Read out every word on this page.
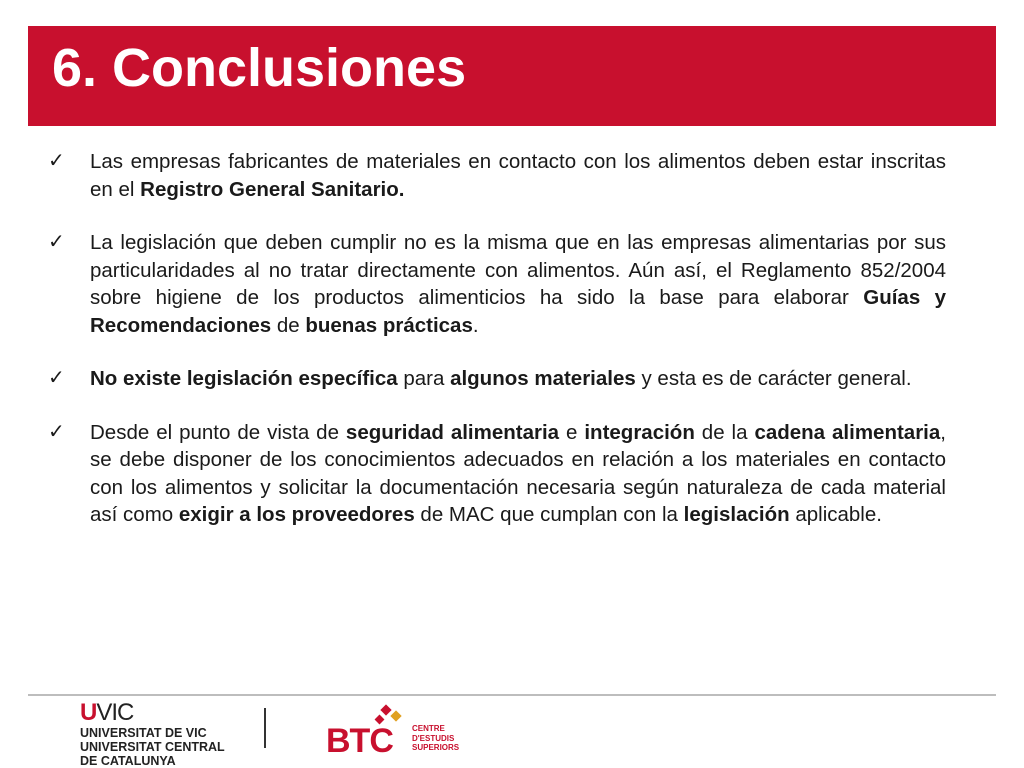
6. Conclusiones
✓ Las empresas fabricantes de materiales en contacto con los alimentos deben estar inscritas en el Registro General Sanitario.
✓ La legislación que deben cumplir no es la misma que en las empresas alimentarias por sus particularidades al no tratar directamente con alimentos. Aún así, el Reglamento 852/2004 sobre higiene de los productos alimenticios ha sido la base para elaborar Guías y Recomendaciones de buenas prácticas.
✓ No existe legislación específica para algunos materiales y esta es de carácter general.
✓ Desde el punto de vista de seguridad alimentaria e integración de la cadena alimentaria, se debe disponer de los conocimientos adecuados en relación a los materiales en contacto con los alimentos y solicitar la documentación necesaria según naturaleza de cada material así como exigir a los proveedores de MAC que cumplan con la legislación aplicable.
UVIC
UNIVERSITAT DE VIC
UNIVERSITAT CENTRAL
DE CATALUNYA
BTC CENTRE
D'ESTUDIS
SUPERIORS
